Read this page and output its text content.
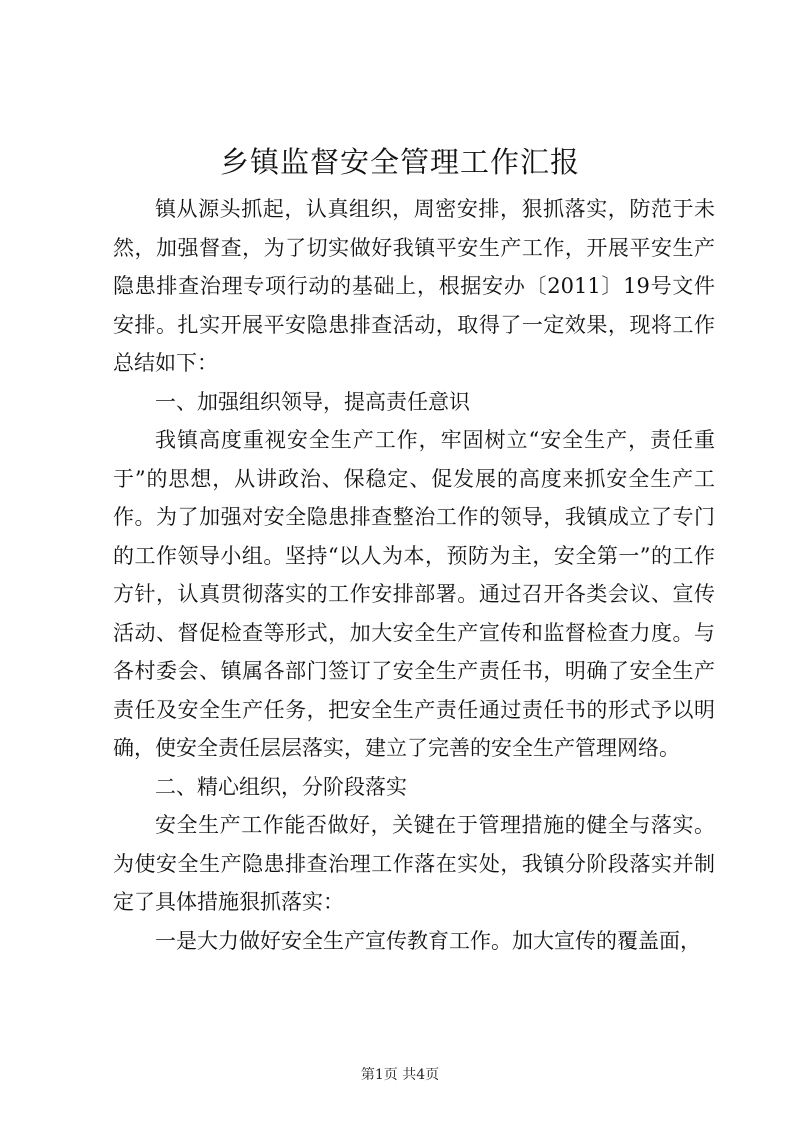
乡镇监督安全管理工作汇报

镇从源头抓起，认真组织，周密安排，狠抓落实，防范于未然，加强督查，为了切实做好我镇平安生产工作，开展平安生产隐患排查治理专项行动的基础上，根据安办〔2011〕19号文件安排。扎实开展平安隐患排查活动，取得了一定效果，现将工作总结如下：

一、加强组织领导，提高责任意识

我镇高度重视安全生产工作，牢固树立“安全生产，责任重于”的思想，从讲政治、保稳定、促发展的高度来抓安全生产工作。为了加强对安全隐患排查整治工作的领导，我镇成立了专门的工作领导小组。坚持“以人为本，预防为主，安全第一”的工作方针，认真贯彻落实的工作安排部署。通过召开各类会议、宣传活动、督促检查等形式，加大安全生产宣传和监督检查力度。与各村委会、镇属各部门签订了安全生产责任书，明确了安全生产责任及安全生产任务，把安全生产责任通过责任书的形式予以明确，使安全责任层层落实，建立了完善的安全生产管理网络。

二、精心组织，分阶段落实

安全生产工作能否做好，关键在于管理措施的健全与落实。为使安全生产隐患排查治理工作落在实处，我镇分阶段落实并制定了具体措施狠抓落实：

一是大力做好安全生产宣传教育工作。加大宣传的覆盖面，

第1页 共4页
